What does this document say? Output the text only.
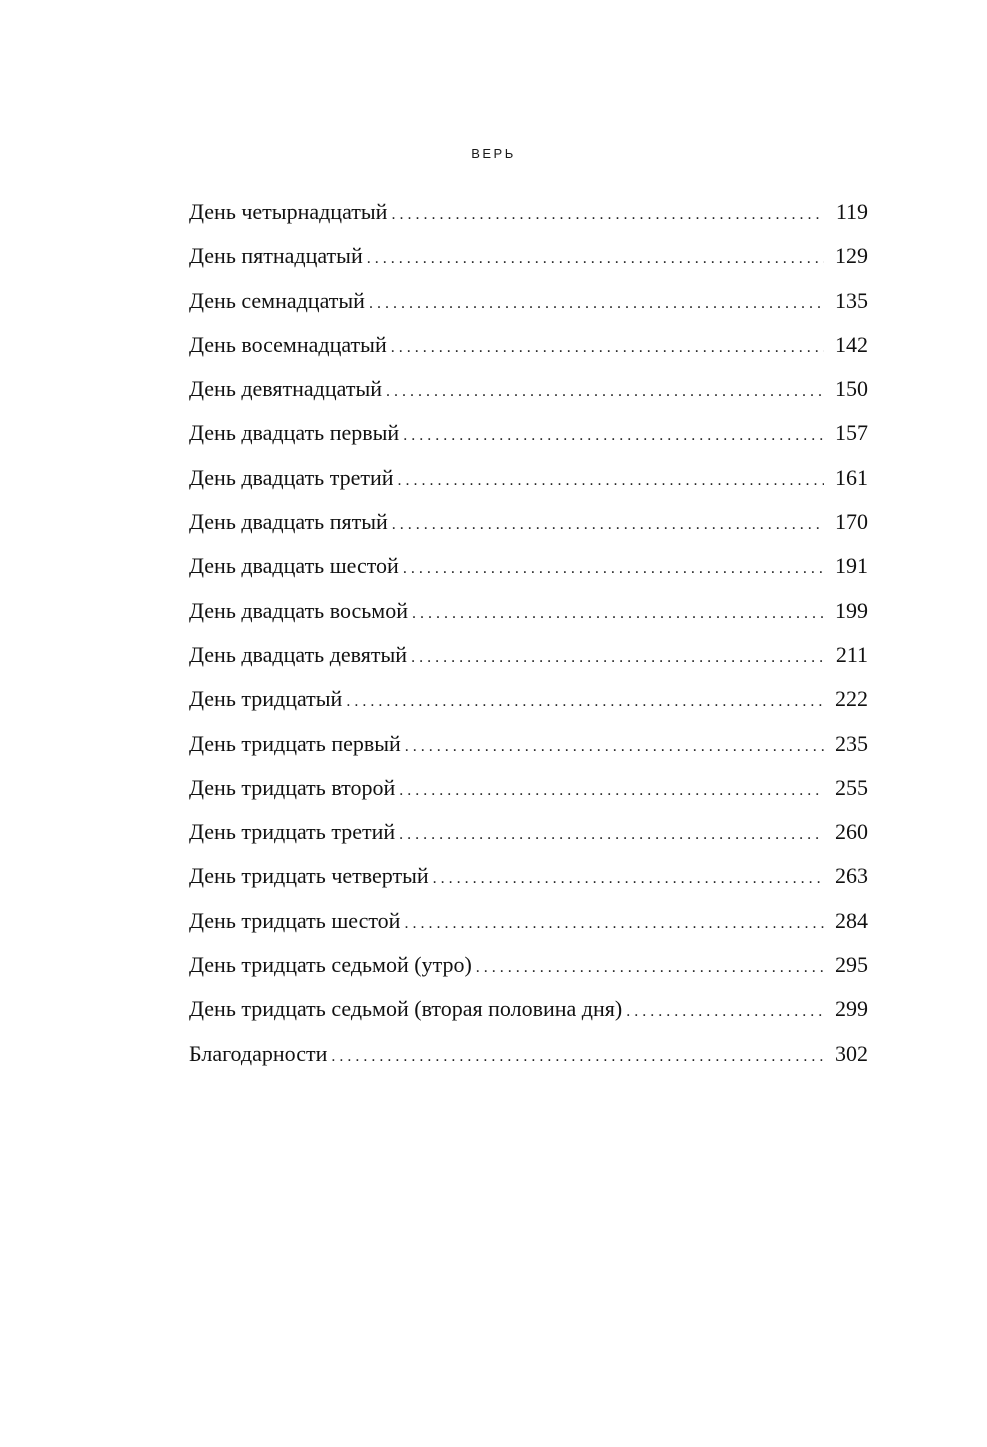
ВЕРЬ
День четырнадцатый . . .	119
День пятнадцатый . . .	129
День семнадцатый . . .	135
День восемнадцатый . . .	142
День девятнадцатый . . .	150
День двадцать первый . . .	157
День двадцать третий . . .	161
День двадцать пятый . . .	170
День двадцать шестой . . .	191
День двадцать восьмой . . .	199
День двадцать девятый . . .	211
День тридцатый . . .	222
День тридцать первый . . .	235
День тридцать второй . . .	255
День тридцать третий . . .	260
День тридцать четвертый . . .	263
День тридцать шестой . . .	284
День тридцать седьмой (утро) . . .	295
День тридцать седьмой (вторая половина дня) . . .	299
Благодарности . . .	302
